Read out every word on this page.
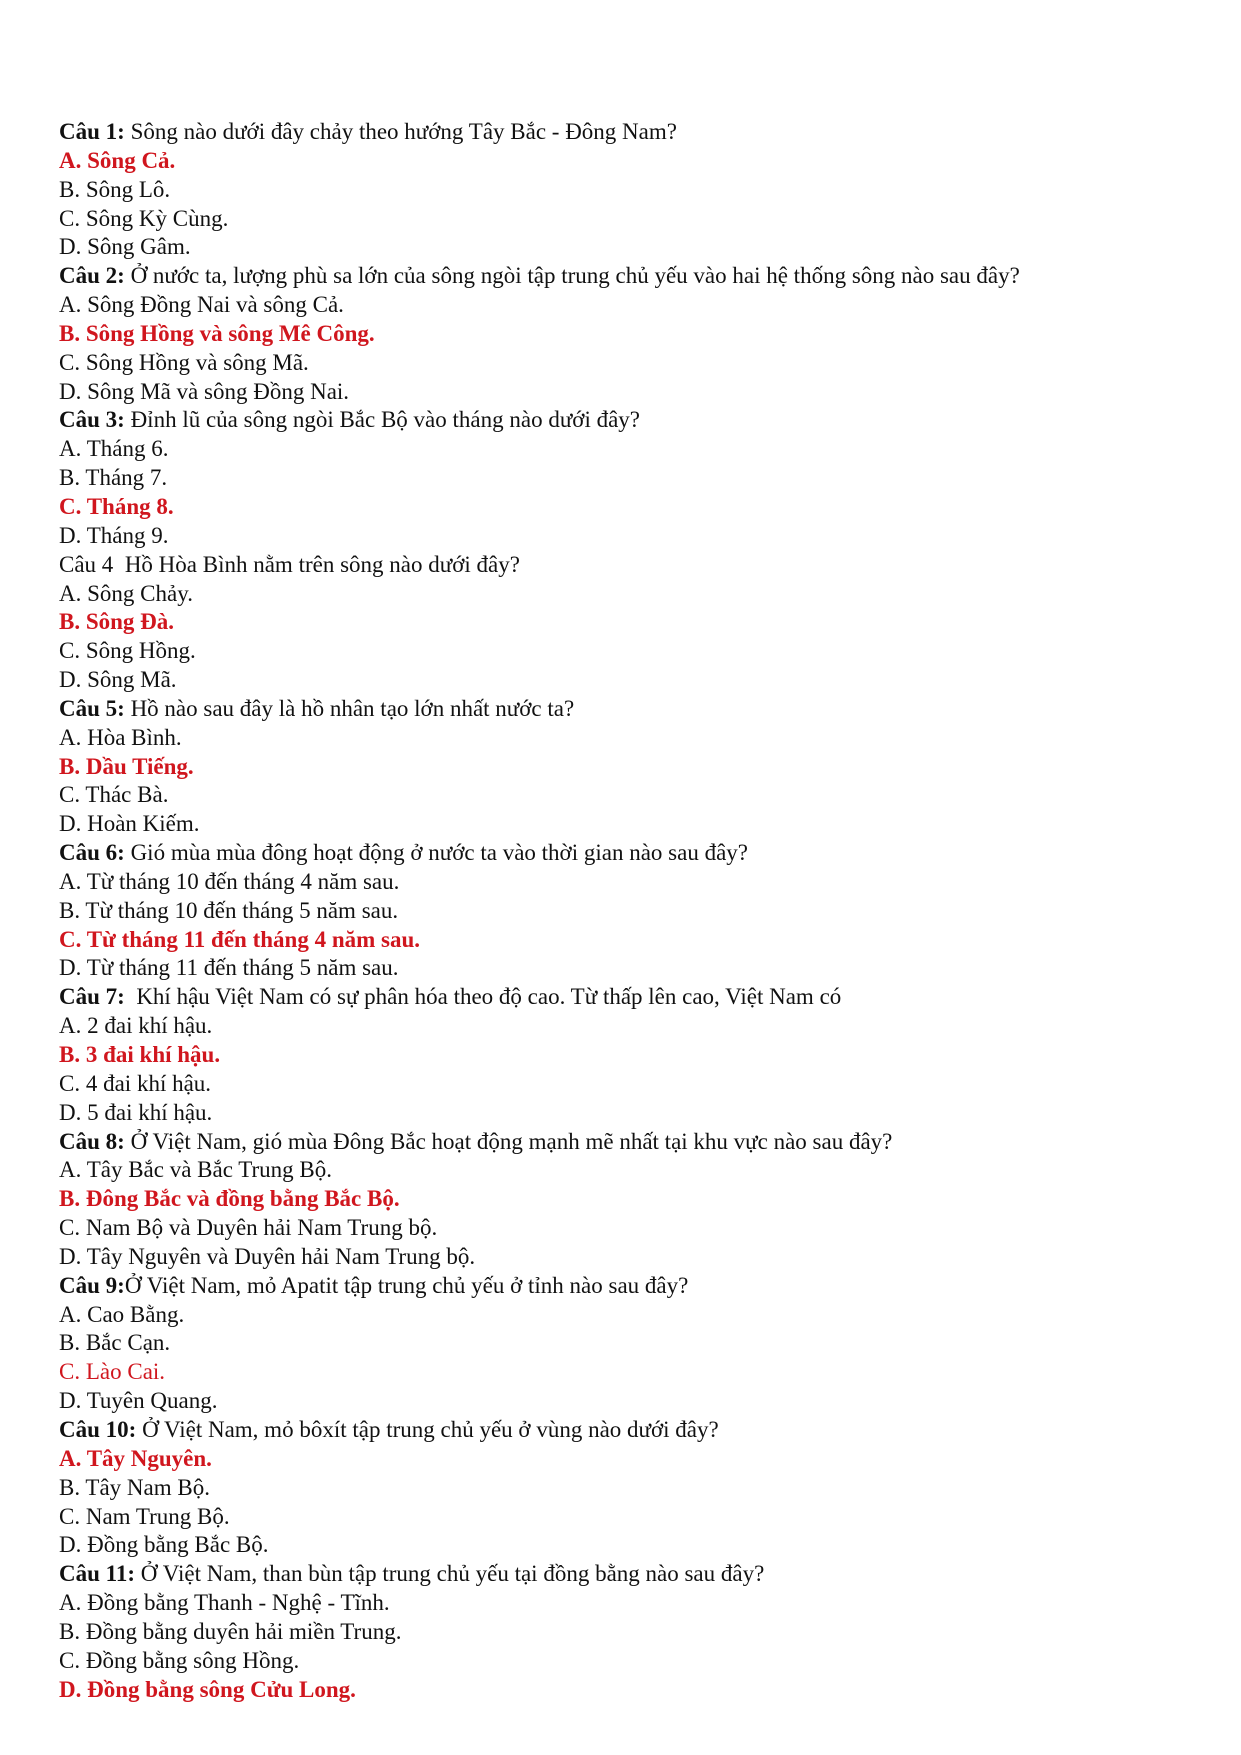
Câu 1: Sông nào dưới đây chảy theo hướng Tây Bắc - Đông Nam?
A. Sông Cả.
B. Sông Lô.
C. Sông Kỳ Cùng.
D. Sông Gâm.
Câu 2: Ở nước ta, lượng phù sa lớn của sông ngòi tập trung chủ yếu vào hai hệ thống sông nào sau đây?
A. Sông Đồng Nai và sông Cả.
B. Sông Hồng và sông Mê Công.
C. Sông Hồng và sông Mã.
D. Sông Mã và sông Đồng Nai.
Câu 3: Đỉnh lũ của sông ngòi Bắc Bộ vào tháng nào dưới đây?
A. Tháng 6.
B. Tháng 7.
C. Tháng 8.
D. Tháng 9.
Câu 4  Hồ Hòa Bình nằm trên sông nào dưới đây?
A. Sông Chảy.
B. Sông Đà.
C. Sông Hồng.
D. Sông Mã.
Câu 5: Hồ nào sau đây là hồ nhân tạo lớn nhất nước ta?
A. Hòa Bình.
B. Dầu Tiếng.
C. Thác Bà.
D. Hoàn Kiếm.
Câu 6: Gió mùa mùa đông hoạt động ở nước ta vào thời gian nào sau đây?
A. Từ tháng 10 đến tháng 4 năm sau.
B. Từ tháng 10 đến tháng 5 năm sau.
C. Từ tháng 11 đến tháng 4 năm sau.
D. Từ tháng 11 đến tháng 5 năm sau.
Câu 7:  Khí hậu Việt Nam có sự phân hóa theo độ cao. Từ thấp lên cao, Việt Nam có
A. 2 đai khí hậu.
B. 3 đai khí hậu.
C. 4 đai khí hậu.
D. 5 đai khí hậu.
Câu 8: Ở Việt Nam, gió mùa Đông Bắc hoạt động mạnh mẽ nhất tại khu vực nào sau đây?
A. Tây Bắc và Bắc Trung Bộ.
B. Đông Bắc và đồng bằng Bắc Bộ.
C. Nam Bộ và Duyên hải Nam Trung bộ.
D. Tây Nguyên và Duyên hải Nam Trung bộ.
Câu 9:Ở Việt Nam, mỏ Apatit tập trung chủ yếu ở tỉnh nào sau đây?
A. Cao Bằng.
B. Bắc Cạn.
C. Lào Cai.
D. Tuyên Quang.
Câu 10: Ở Việt Nam, mỏ bôxít tập trung chủ yếu ở vùng nào dưới đây?
A. Tây Nguyên.
B. Tây Nam Bộ.
C. Nam Trung Bộ.
D. Đồng bằng Bắc Bộ.
Câu 11: Ở Việt Nam, than bùn tập trung chủ yếu tại đồng bằng nào sau đây?
A. Đồng bằng Thanh - Nghệ - Tĩnh.
B. Đồng bằng duyên hải miền Trung.
C. Đồng bằng sông Hồng.
D. Đồng bằng sông Cửu Long.
